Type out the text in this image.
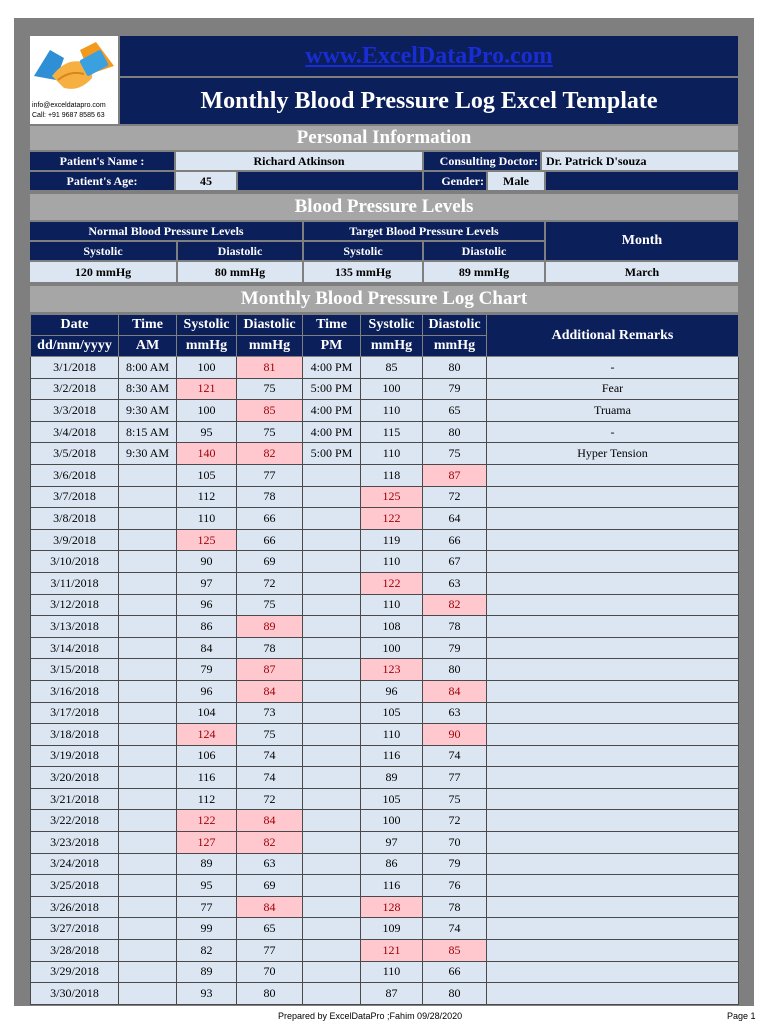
info@exceldatapro.com
Call: +91 9687 8585 63
www.ExcelDataPro.com
Monthly Blood Pressure Log Excel Template
Personal Information
Patient's Name :	Richard Atkinson	Consulting Doctor: Dr. Patrick D'souza
Patient's Age:	45	Gender:	Male
Blood Pressure Levels
Normal Blood Pressure Levels	Target Blood Pressure Levels
Month
Systolic	Diastolic	Systolic	Diastolic
120 mmHg	80 mmHg	135 mmHg	89 mmHg	March
Monthly Blood Pressure Log Chart
Date	Time	Systolic	Diastolic	Time	Systolic	Diastolic	Additional Remarks
dd/mm/yyyy	AM	mmHg	mmHg	PM	mmHg	mmHg	
3/1/2018	8:00 AM	100	81	4:00 PM	85	80	-
3/2/2018	8:30 AM	121	75	5:00 PM	100	79	Fear
3/3/2018	9:30 AM	100	85	4:00 PM	110	65	Truama
3/4/2018	8:15 AM	95	75	4:00 PM	115	80	-
3/5/2018	9:30 AM	140	82	5:00 PM	110	75	Hyper Tension
3/6/2018		105	77		118	87	
3/7/2018		112	78		125	72	
3/8/2018		110	66		122	64	
3/9/2018		125	66		119	66	
3/10/2018		90	69		110	67	
3/11/2018		97	72		122	63	
3/12/2018		96	75		110	82	
3/13/2018		86	89		108	78	
3/14/2018		84	78		100	79	
3/15/2018		79	87		123	80	
3/16/2018		96	84		96	84	
3/17/2018		104	73		105	63	
3/18/2018		124	75		110	90	
3/19/2018		106	74		116	74	
3/20/2018		116	74		89	77	
3/21/2018		112	72		105	75	
3/22/2018		122	84		100	72	
3/23/2018		127	82		97	70	
3/24/2018		89	63		86	79	
3/25/2018		95	69		116	76	
3/26/2018		77	84		128	78	
3/27/2018		99	65		109	74	
3/28/2018		82	77		121	85	
3/29/2018		89	70		110	66	
3/30/2018		93	80		87	80	
Prepared by ExcelDataPro ;Fahim 09/28/2020	Page 1
